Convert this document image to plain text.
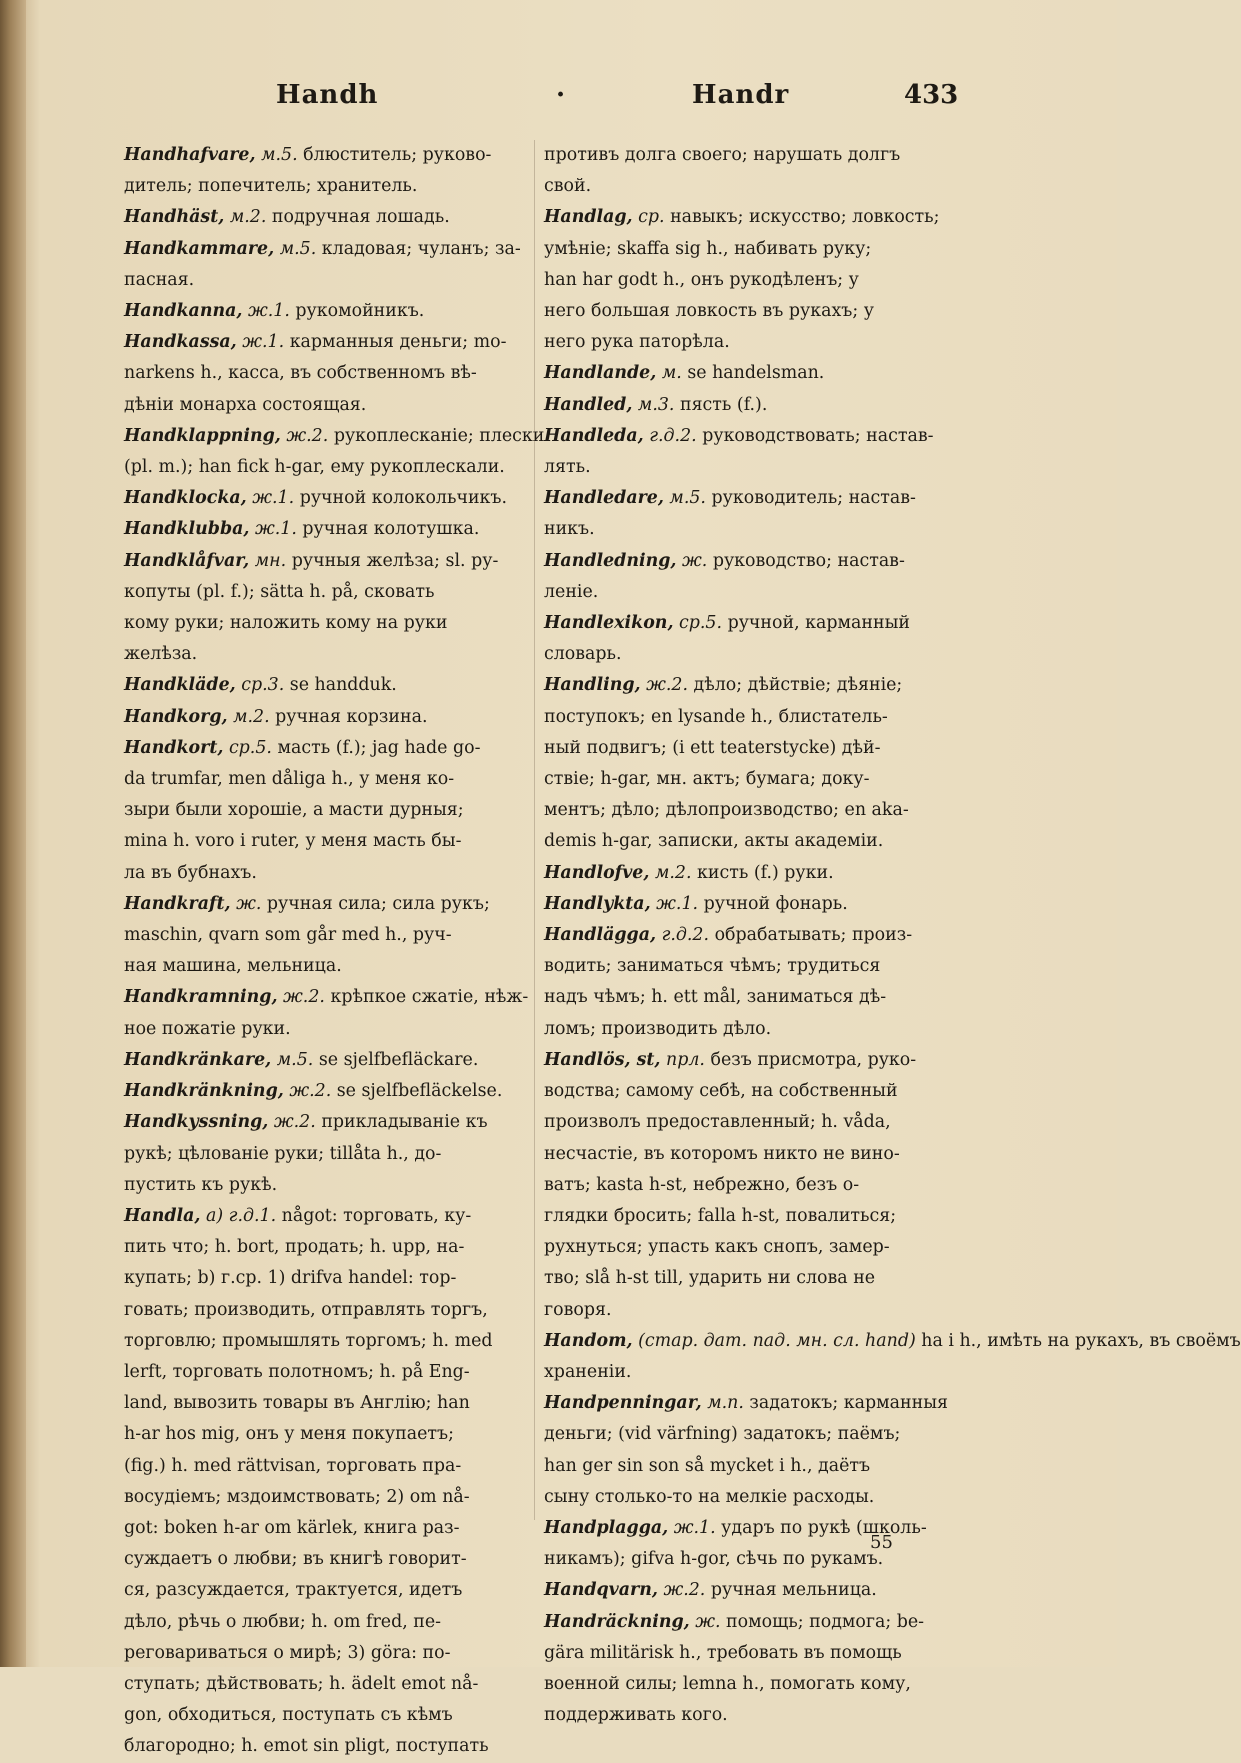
Handh	·	Handr	433
Handhafvare, м.5. блюститель; руково-
дитель; попечитель; хранитель.
Handhäst, м.2. подручная лошадь.
Handkammare, м.5. кладовая; чуланъ; за-
пасная.
Handkanna, ж.1. рукомойникъ.
Handkassa, ж.1. карманныя деньги; mo-
narkens h., касса, въ собственномъ вѣ-
дѣніи монарха состоящая.
Handklappning, ж.2. рукоплесканіе; плески
(pl. m.); han fick h-gar, ему рукоплескали.
Handklocka, ж.1. ручной колокольчикъ.
Handklubba, ж.1. ручная колотушка.
Handklåfvar, мн. ручныя желѣза; sl. ру-
копуты (pl. f.); sätta h. på, сковать
кому руки; наложить кому на руки
желѣза.
Handkläde, ср.3. se handduk.
Handkorg, м.2. ручная корзина.
Handkort, ср.5. масть (f.); jag hade go-
da trumfar, men dåliga h., у меня ко-
зыри были хорошіе, а масти дурныя;
mina h. voro i ruter, у меня масть бы-
ла въ бубнахъ.
Handkraft, ж. ручная сила; сила рукъ;
maschin, qvarn som går med h., руч-
ная машина, мельница.
Handkramning, ж.2. крѣпкое сжатіе, нѣж-
ное пожатіе руки.
Handkränkare, м.5. se sjelfbefläckare.
Handkränkning, ж.2. se sjelfbefläckelse.
Handkyssning, ж.2. прикладываніе къ
рукѣ; цѣлованіе руки; tillåta h., до-
пустить къ рукѣ.
Handla, a) г.д.1. något: торговать, ку-
пить что; h. bort, продать; h. upp, на-
купать; b) г.ср. 1) drifva handel: тор-
говать; производить, отправлять торгъ,
торговлю; промышлять торгомъ; h. med
lerft, торговать полотномъ; h. på Eng-
land, вывозить товары въ Англію; han
h-ar hos mig, онъ у меня покупаетъ;
(fig.) h. med rättvisan, торговать пра-
восудіемъ; мздоимствовать; 2) om nå-
got: boken h-ar om kärlek, книга раз-
суждаетъ о любви; въ книгѣ говорит-
ся, разсуждается, трактуется, идетъ
дѣло, рѣчь о любви; h. om fred, пе-
реговариваться о мирѣ; 3) göra: по-
ступать; дѣйствовать; h. ädelt emot nå-
gon, обходиться, поступать съ кѣмъ
благородно; h. emot sin pligt, поступать
противъ долга своего; нарушать долгъ
свой.
Handlag, ср. навыкъ; искусство; ловкость;
умѣніе; skaffa sig h., набивать руку;
han har godt h., онъ рукодѣленъ; у
него большая ловкость въ рукахъ; у
него рука паторѣла.
Handlande, м. se handelsman.
Handled, м.3. пясть (f.).
Handleda, г.д.2. руководствовать; настав-
лять.
Handledare, м.5. руководитель; настав-
никъ.
Handledning, ж. руководство; настав-
леніе.
Handlexikon, ср.5. ручной, карманный
словарь.
Handling, ж.2. дѣло; дѣйствіе; дѣяніе;
поступокъ; en lysande h., блистатель-
ный подвигъ; (i ett teaterstycke) дѣй-
ствіе; h-gar, мн. актъ; бумага; доку-
ментъ; дѣло; дѣлопроизводство; en aka-
demis h-gar, записки, акты академіи.
Handlofve, м.2. кисть (f.) руки.
Handlykta, ж.1. ручной фонарь.
Handlägga, г.д.2. обрабатывать; произ-
водить; заниматься чѣмъ; трудиться
надъ чѣмъ; h. ett mål, заниматься дѣ-
ломъ; производить дѣло.
Handlös, st, прл. безъ присмотра, руко-
водства; самому себѣ, на собственный
произволъ предоставленный; h. våda,
несчастіе, въ которомъ никто не вино-
ватъ; kasta h-st, небрежно, безъ о-
глядки бросить; falla h-st, повалиться;
рухнуться; упасть какъ снопъ, замер-
тво; slå h-st till, ударить ни слова не
говоря.
Handom, (стар. дат. пад. мн. сл. hand) ha i h., имѣть на рукахъ, въ своёмъ
храненіи.
Handpenningar, м.п. задатокъ; карманныя
деньги; (vid värfning) задатокъ; паёмъ;
han ger sin son så mycket i h., даётъ
сыну столько-то на мелкіе расходы.
Handplagga, ж.1. ударъ по рукѣ (школь-
никамъ); gifva h-gor, сѣчь по рукамъ.
Handqvarn, ж.2. ручная мельница.
Handräckning, ж. помощь; подмога; be-
gära militärisk h., требовать въ помощь
военной силы; lemna h., помогать кому,
поддерживать кого.
55
